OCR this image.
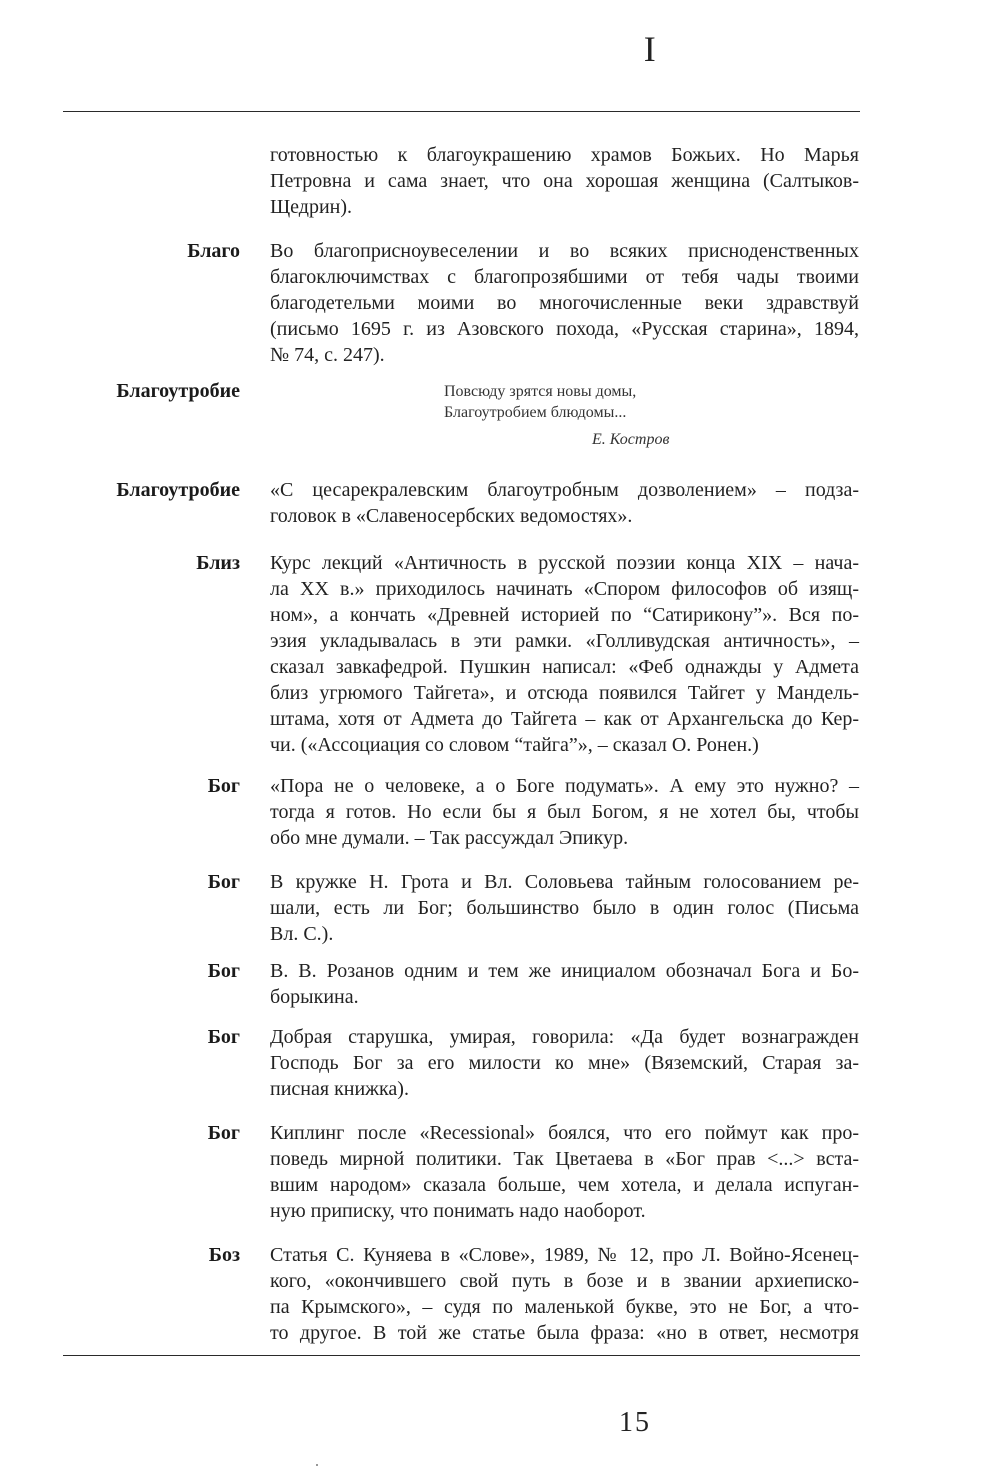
I
готовностью к благоукрашению храмов Божьих. Но Марья
Петровна и сама знает, что она хорошая женщина (Салтыков-
Щедрин).
Благо Во благоприсноувеселении и во всяких присноденственных
благоключимствах с благопрозябшими от тебя чады твоими
благодетельми моими во многочисленные веки здравствуй
(письмо 1695 г. из Азовского похода, «Русская старина», 1894,
№ 74, с. 247).
Благоутробие	Повсюду зрятся новы домы,
Благоутробием блюдомы...
Е. Костров
Благоутробие «С цесарекралевским благоутробным дозволением» – подза-
головок в «Славеносербских ведомостях».
Близ Курс лекций «Античность в русской поэзии конца XIX – нача-
ла XX в.» приходилось начинать «Спором философов об изящ-
ном», а кончать «Древней историей по “Сатирикону”». Вся по-
эзия укладывалась в эти рамки. «Голливудская античность», –
сказал завкафедрой. Пушкин написал: «Феб однажды у Адмета
близ угрюмого Тайгета», и отсюда появился Тайгет у Мандель-
штама, хотя от Адмета до Тайгета – как от Архангельска до Кер-
чи. («Ассоциация со словом “тайга”», – сказал О. Ронен.)
Бог «Пора не о человеке, а о Боге подумать». А ему это нужно? –
тогда я готов. Но если бы я был Богом, я не хотел бы, чтобы
обо мне думали. – Так рассуждал Эпикур.
Бог В кружке Н. Грота и Вл. Соловьева тайным голосованием ре-
шали, есть ли Бог; большинство было в один голос (Письма
Вл. С.).
Бог В. В. Розанов одним и тем же инициалом обозначал Бога и Бо-
борыкина.
Бог Добрая старушка, умирая, говорила: «Да будет вознагражден
Господь Бог за его милости ко мне» (Вяземский, Старая за-
писная книжка).
Бог Киплинг после «Recessional» боялся, что его поймут как про-
поведь мирной политики. Так Цветаева в «Бог прав <...> вста-
вшим народом» сказала больше, чем хотела, и делала испуган-
ную приписку, что понимать надо наоборот.
Боз Статья С. Куняева в «Слове», 1989, № 12, про Л. Войно-Ясенец-
кого, «окончившего свой путь в бозе и в звании архиеписко-
па Крымского», – судя по маленькой букве, это не Бог, а что-
то другое. В той же статье была фраза: «но в ответ, несмотря
15
